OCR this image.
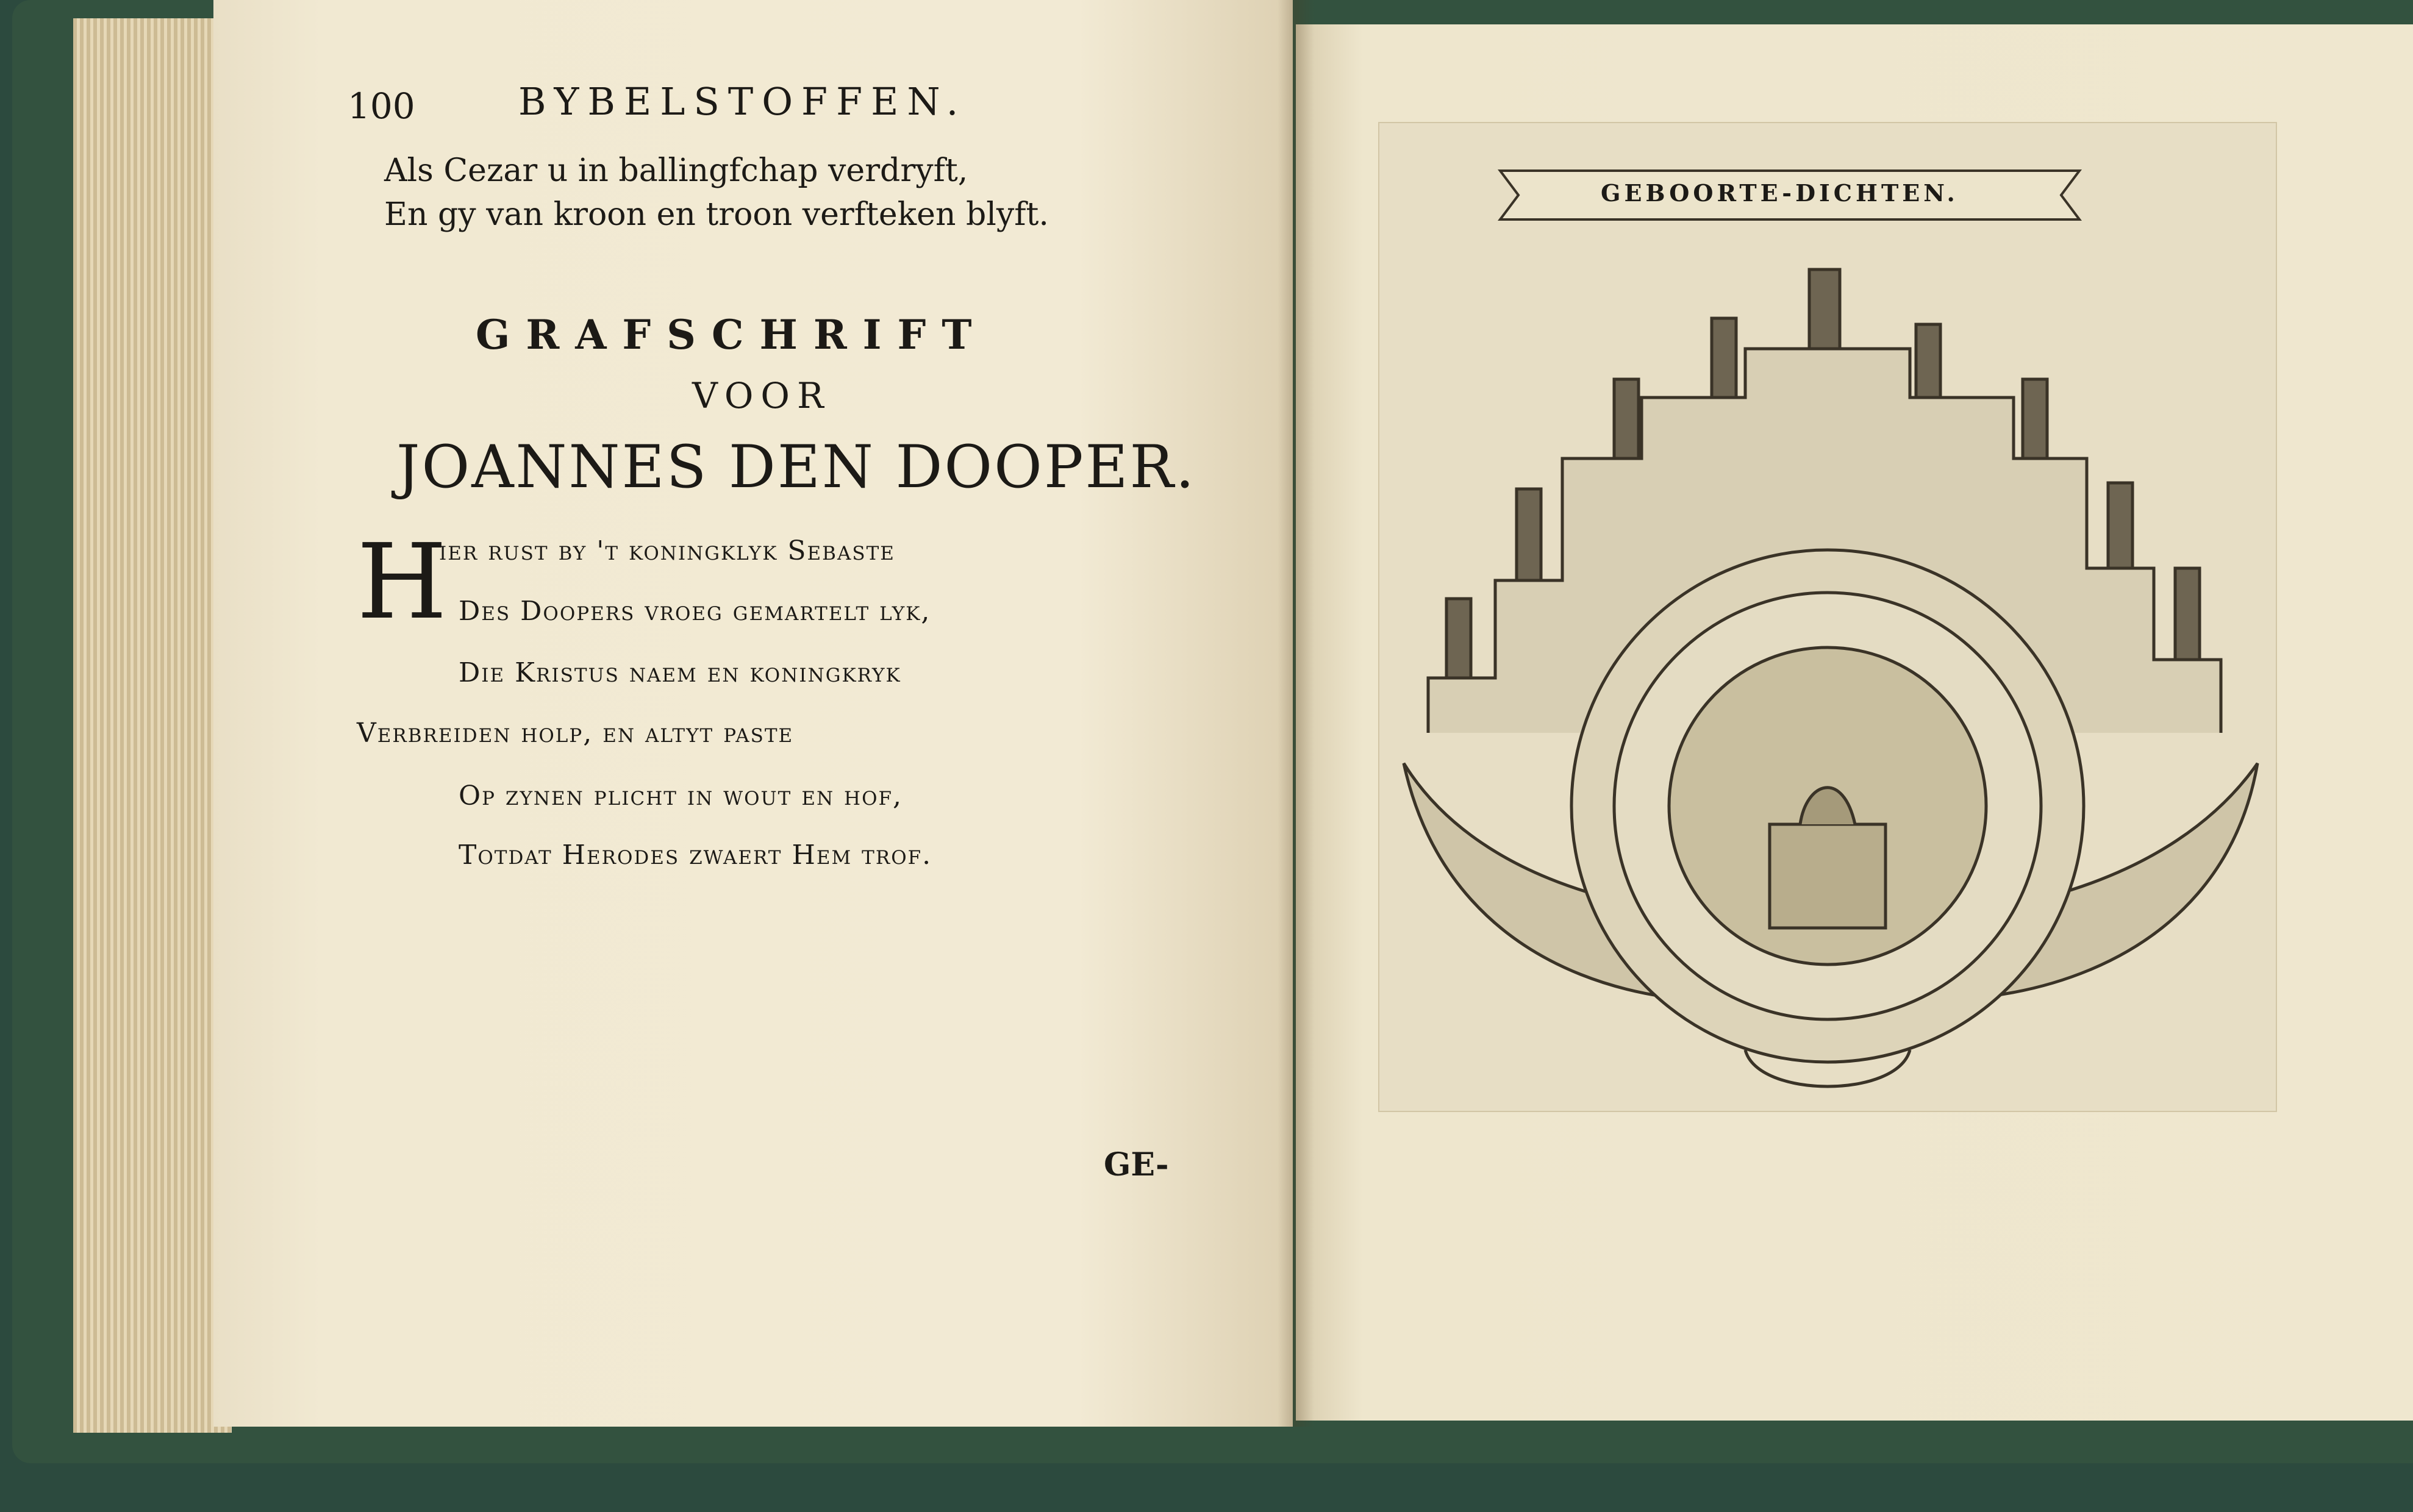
100	BYBELSTOFFEN.
Als Cezar u in ballingfchap verdryft,
En gy van kroon en troon verfteken blyft.
GRAFSCHRIFT
VOOR
JOANNES DEN DOOPER.
H
ier rust by 't koningklyk Sebaste
Des Doopers vroeg gemartelt lyk,
Die Kristus naem en koningkryk
Verbreiden holp, en altyt paste
Op zynen plicht in wout en hof,
Totdat Herodes zwaert Hem trof.
GE-
GEBOORTE-DICHTEN.
